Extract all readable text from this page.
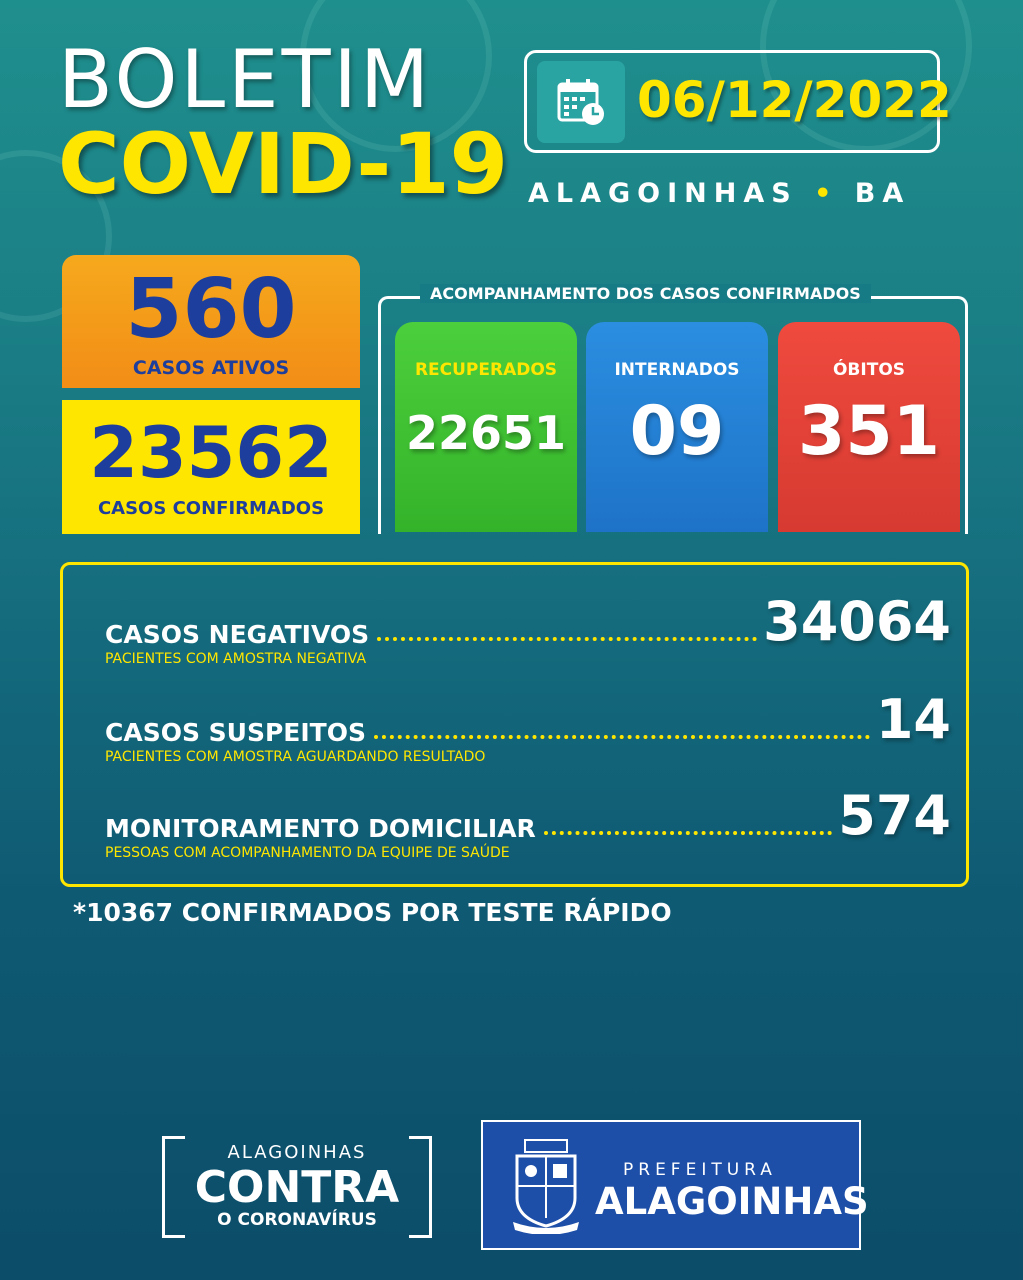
BOLETIM
COVID-19
06/12/2022
ALAGOINHAS • BA
560
CASOS ATIVOS
23562
CASOS CONFIRMADOS
ACOMPANHAMENTO DOS CASOS CONFIRMADOS
RECUPERADOS
22651
INTERNADOS
09
ÓBITOS
351
CASOS NEGATIVOS	34064
PACIENTES COM AMOSTRA NEGATIVA
CASOS SUSPEITOS	14
PACIENTES COM AMOSTRA AGUARDANDO RESULTADO
MONITORAMENTO DOMICILIAR	574
PESSOAS COM ACOMPANHAMENTO DA EQUIPE DE SAÚDE
*10367 CONFIRMADOS POR TESTE RÁPIDO
ALAGOINHAS
CONTRA
O CORONAVÍRUS
PREFEITURA
ALAGOINHAS
